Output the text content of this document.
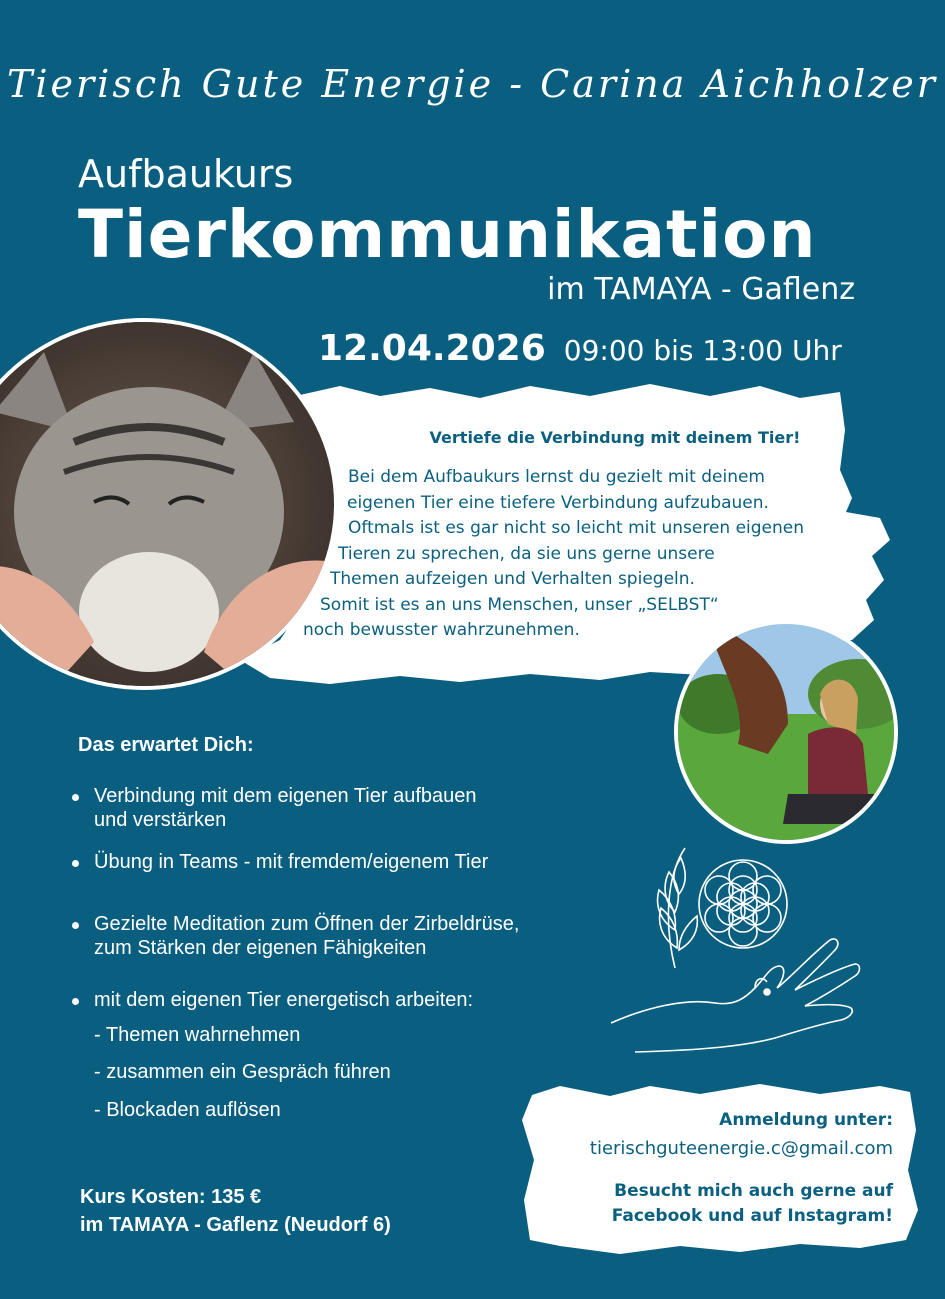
Tierisch Gute Energie - Carina Aichholzer
Aufbaukurs
Tierkommunikation
im TAMAYA - Gaflenz
12.04.2026 09:00 bis 13:00 Uhr
Vertiefe die Verbindung mit deinem Tier!
Bei dem Aufbaukurs lernst du gezielt mit deinem
eigenen Tier eine tiefere Verbindung aufzubauen.
Oftmals ist es gar nicht so leicht mit unseren eigenen
Tieren zu sprechen, da sie uns gerne unsere
Themen aufzeigen und Verhalten spiegeln.
Somit ist es an uns Menschen, unser „SELBST“
noch bewusster wahrzunehmen.
Das erwartet Dich:
Verbindung mit dem eigenen Tier aufbauen
und verstärken
Übung in Teams - mit fremdem/eigenem Tier
Gezielte Meditation zum Öffnen der Zirbeldrüse,
zum Stärken der eigenen Fähigkeiten
mit dem eigenen Tier energetisch arbeiten:
- Themen wahrnehmen
- zusammen ein Gespräch führen
- Blockaden auflösen
Kurs Kosten: 135 €
im TAMAYA - Gaflenz (Neudorf 6)
Anmeldung unter:
tierischguteenergie.c@gmail.com
Besucht mich auch gerne auf
Facebook und auf Instagram!
